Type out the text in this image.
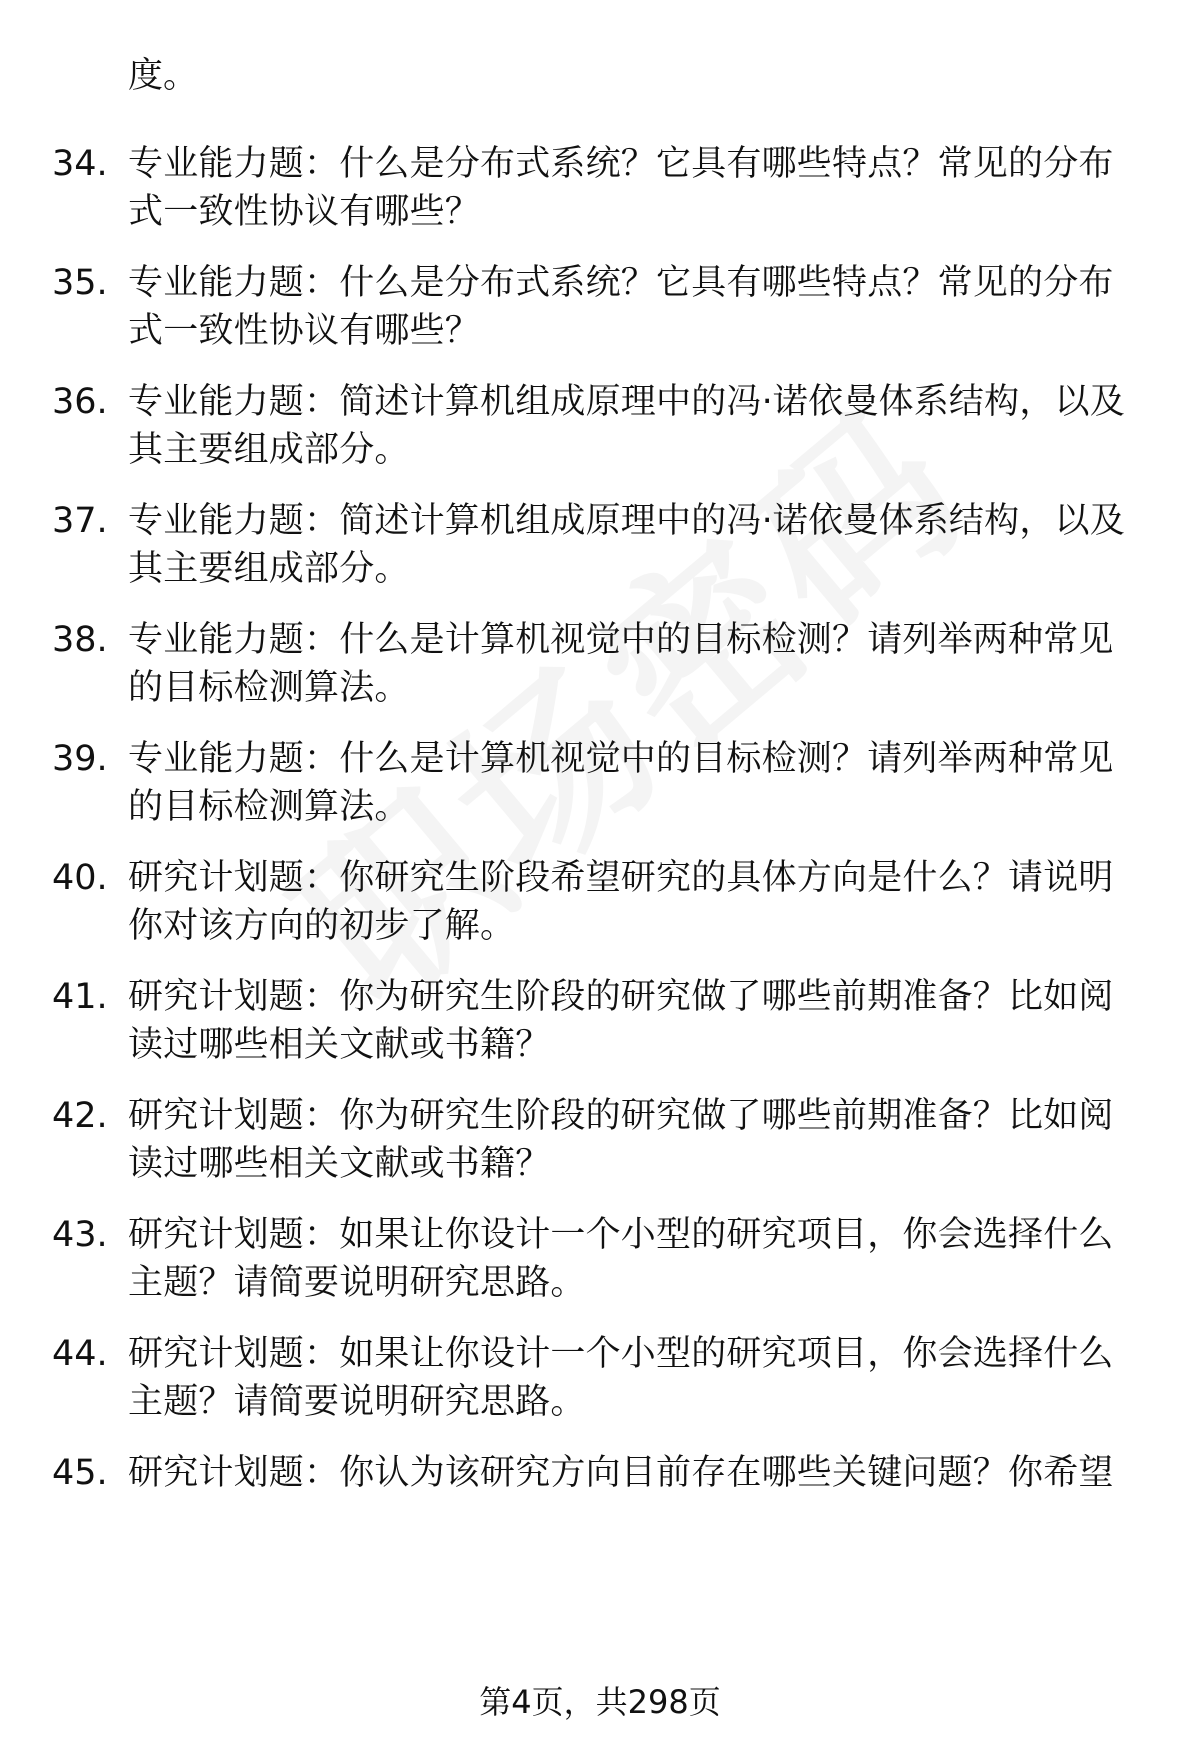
度。
34. 专业能力题：什么是分布式系统？它具有哪些特点？常见的分布
式一致性协议有哪些？
35. 专业能力题：什么是分布式系统？它具有哪些特点？常见的分布
式一致性协议有哪些？
36. 专业能力题：简述计算机组成原理中的冯·诺依曼体系结构，以及
其主要组成部分。
37. 专业能力题：简述计算机组成原理中的冯·诺依曼体系结构，以及
其主要组成部分。
38. 专业能力题：什么是计算机视觉中的目标检测？请列举两种常见
的目标检测算法。
39. 专业能力题：什么是计算机视觉中的目标检测？请列举两种常见
的目标检测算法。
40. 研究计划题：你研究生阶段希望研究的具体方向是什么？请说明
你对该方向的初步了解。
41. 研究计划题：你为研究生阶段的研究做了哪些前期准备？比如阅
读过哪些相关文献或书籍？
42. 研究计划题：你为研究生阶段的研究做了哪些前期准备？比如阅
读过哪些相关文献或书籍？
43. 研究计划题：如果让你设计一个小型的研究项目，你会选择什么
主题？请简要说明研究思路。
44. 研究计划题：如果让你设计一个小型的研究项目，你会选择什么
主题？请简要说明研究思路。
45. 研究计划题：你认为该研究方向目前存在哪些关键问题？你希望
第4页，共298页
